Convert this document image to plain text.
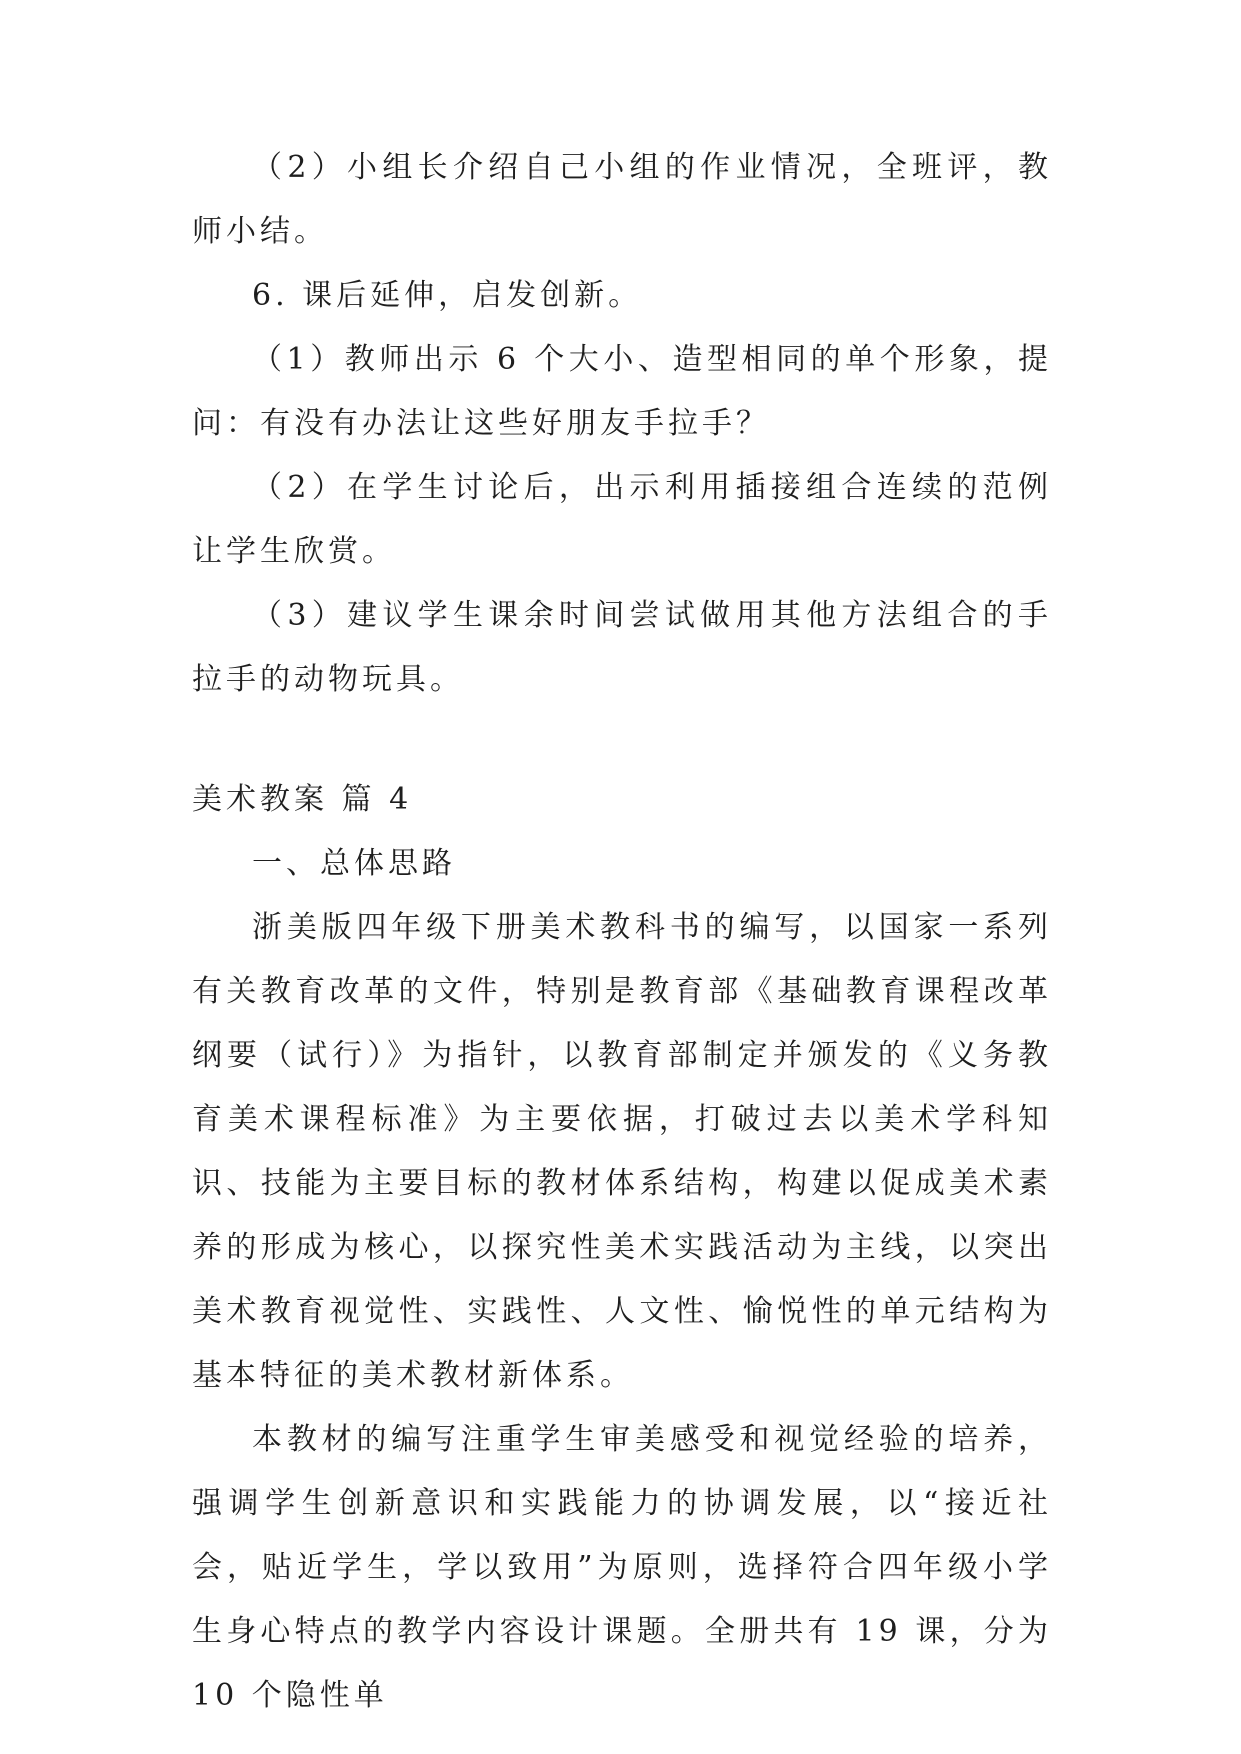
（2）小组长介绍自己小组的作业情况，全班评，教师小结。

6. 课后延伸，启发创新。

（1）教师出示 6 个大小、造型相同的单个形象，提问：有没有办法让这些好朋友手拉手？

（2）在学生讨论后，出示利用插接组合连续的范例让学生欣赏。

（3）建议学生课余时间尝试做用其他方法组合的手拉手的动物玩具。

美术教案 篇 4

一、总体思路

浙美版四年级下册美术教科书的编写，以国家一系列有关教育改革的文件，特别是教育部《基础教育课程改革纲要（试行）》为指针，以教育部制定并颁发的《义务教育美术课程标准》为主要依据，打破过去以美术学科知识、技能为主要目标的教材体系结构，构建以促成美术素养的形成为核心，以探究性美术实践活动为主线，以突出美术教育视觉性、实践性、人文性、愉悦性的单元结构为基本特征的美术教材新体系。

本教材的编写注重学生审美感受和视觉经验的培养，强调学生创新意识和实践能力的协调发展，以“接近社会，贴近学生，学以致用”为原则，选择符合四年级小学生身心特点的教学内容设计课题。全册共有 19 课，分为 10 个隐性单
